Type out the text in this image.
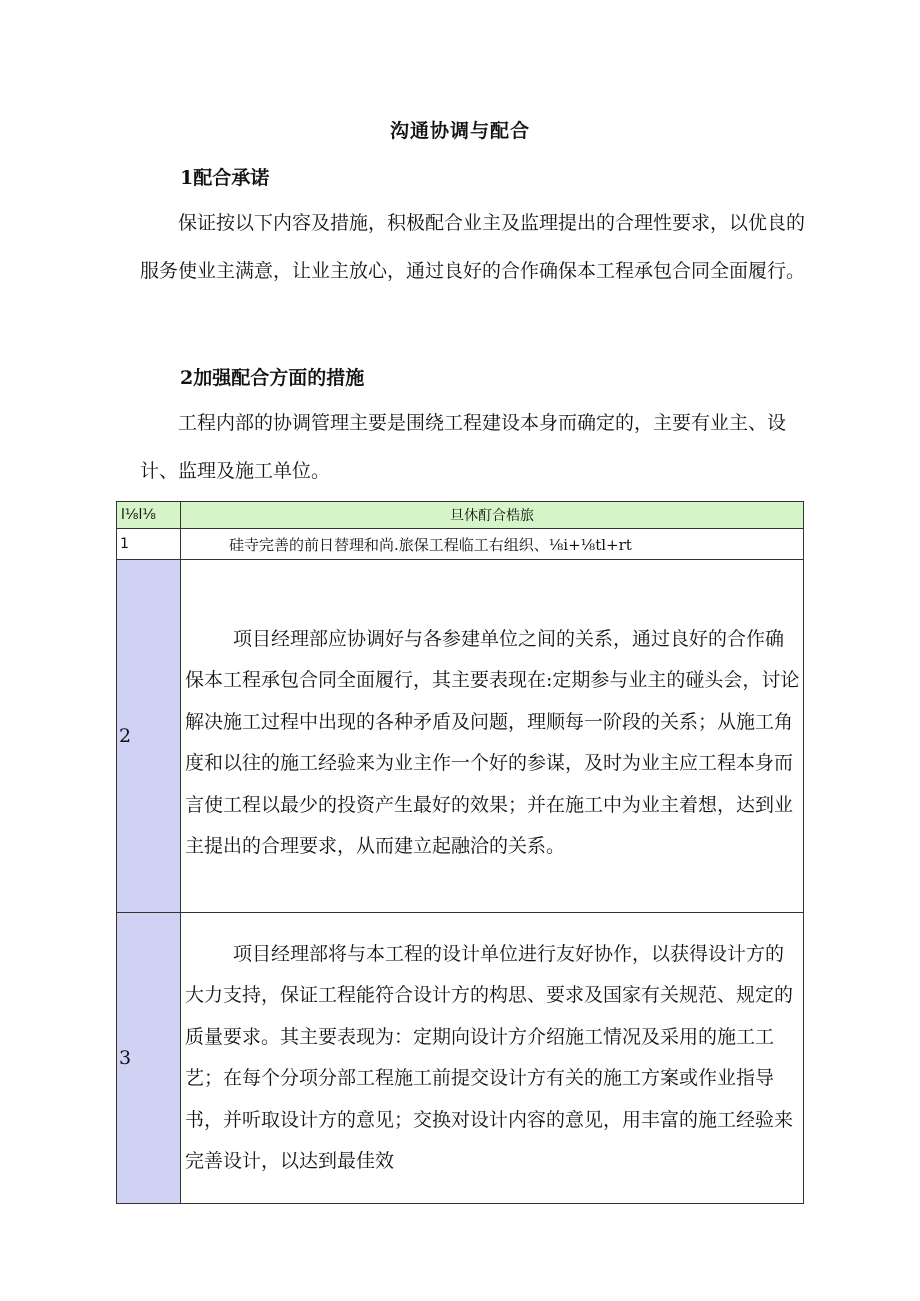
沟通协调与配合
1配合承诺

保证按以下内容及措施，积极配合业主及监理提出的合理性要求，以优良的服务使业主满意，让业主放心，通过良好的合作确保本工程承包合同全面履行。

2加强配合方面的措施

工程内部的协调管理主要是围绕工程建设本身而确定的，主要有业主、设计、监理及施工单位。

l⅛l⅛	旦休酊合梏旅
1	硅寺完善的前日替理和尚.旅保工程临工右组织、⅛i+⅛tl+rt
2	项目经理部应协调好与各参建单位之间的关系，通过良好的合作确保本工程承包合同全面履行，其主要表现在:定期参与业主的碰头会，讨论解决施工过程中出现的各种矛盾及问题，理顺每一阶段的关系；从施工角度和以往的施工经验来为业主作一个好的参谋，及时为业主应工程本身而言使工程以最少的投资产生最好的效果；并在施工中为业主着想，达到业主提出的合理要求，从而建立起融洽的关系。
3	项目经理部将与本工程的设计单位进行友好协作，以获得设计方的大力支持，保证工程能符合设计方的构思、要求及国家有关规范、规定的质量要求。其主要表现为：定期向设计方介绍施工情况及采用的施工工艺；在每个分项分部工程施工前提交设计方有关的施工方案或作业指导书，并听取设计方的意见；交换对设计内容的意见，用丰富的施工经验来完善设计，以达到最佳效
